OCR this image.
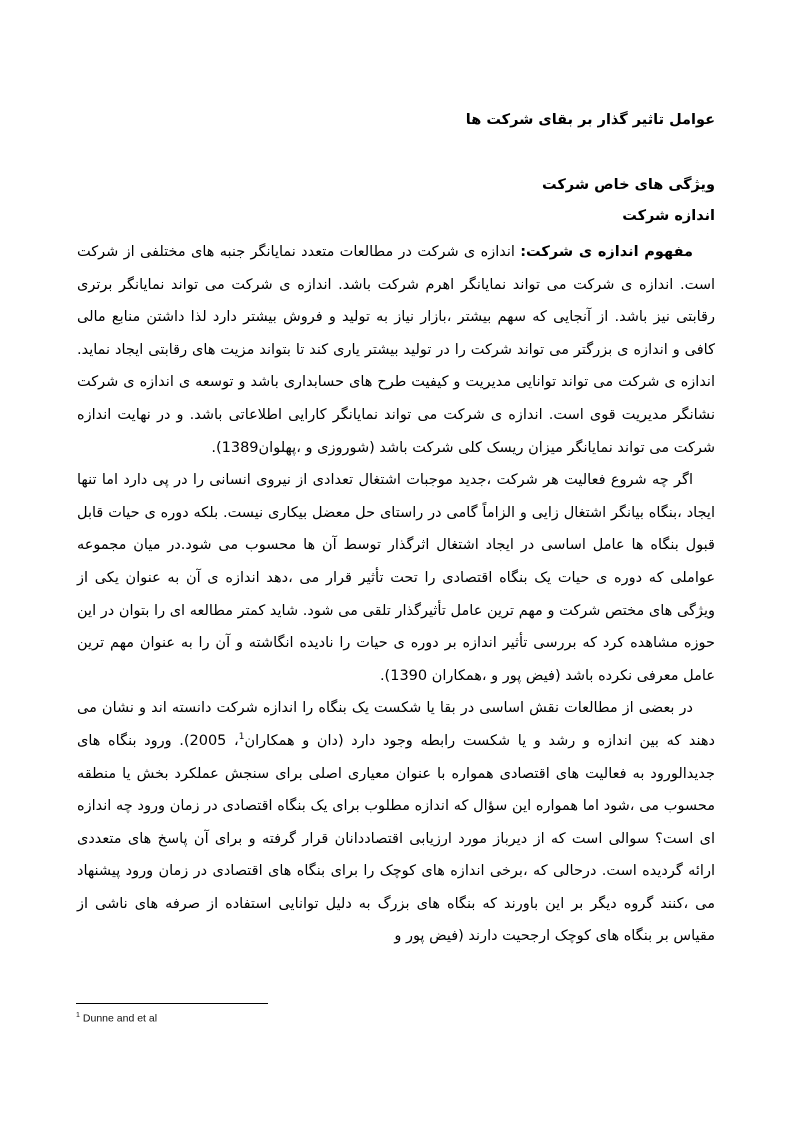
عوامل تاثیر گذار بر بقای شرکت ها
ویژگی های خاص شرکت
اندازه شرکت

مفهوم اندازه ی شرکت: اندازه ی شرکت در مطالعات متعدد نمایانگر جنبه های مختلفی از شرکت است. اندازه ی شرکت می تواند نمایانگر اهرم شرکت باشد. اندازه ی شرکت می تواند نمایانگر برتری رقابتی نیز باشد. از آنجایی که سهم بیشتر ،بازار نیاز به تولید و فروش بیشتر دارد لذا داشتن منابع مالی کافی و اندازه ی بزرگتر می تواند شرکت را در تولید بیشتر یاری کند تا بتواند مزیت های رقابتی ایجاد نماید. اندازه ی شرکت می تواند توانایی مدیریت و کیفیت طرح های حسابداری باشد و توسعه ی اندازه ی شرکت نشانگر مدیریت قوی است. اندازه ی شرکت می تواند نمایانگر کارایی اطلاعاتی باشد. و در نهایت اندازه شرکت می تواند نمایانگر میزان ریسک کلی شرکت باشد (شوروزی و ،پهلوان1389).

اگر چه شروع فعالیت هر شرکت ،جدید موجبات اشتغال تعدادی از نیروی انسانی را در پی دارد اما تنها ایجاد ،بنگاه بیانگر اشتغال زایی و الزاماً گامی در راستای حل معضل بیکاری نیست. بلکه دوره ی حیات قابل قبول بنگاه ها عامل اساسی در ایجاد اشتغال اثرگذار توسط آن ها محسوب می شود.در میان مجموعه عواملی که دوره ی حیات یک بنگاه اقتصادی را تحت تأثیر قرار می ،دهد اندازه ی آن به عنوان یکی از ویژگی های مختص شرکت و مهم ترین عامل تأثیرگذار تلقی می شود. شاید کمتر مطالعه ای را بتوان در این حوزه مشاهده کرد که بررسی تأثیر اندازه بر دوره ی حیات را نادیده انگاشته و آن را به عنوان مهم ترین عامل معرفی نکرده باشد (فیض پور و ،همکاران 1390).

در بعضی از مطالعات نقش اساسی در بقا یا شکست یک بنگاه را اندازه شرکت دانسته اند و نشان می دهند که بین اندازه و رشد و یا شکست رابطه وجود دارد (دان و همکاران$^1$، 2005). ورود بنگاه های جدیدالورود به فعالیت های اقتصادی همواره با عنوان معیاری اصلی برای سنجش عملکرد بخش یا منطقه محسوب می ،شود اما همواره این سؤال که اندازه مطلوب برای یک بنگاه اقتصادی در زمان ورود چه اندازه ای است؟ سوالی است که از دیرباز مورد ارزیابی اقتصاددانان قرار گرفته و برای آن پاسخ های متعددی ارائه گردیده است. درحالی که ،برخی اندازه های کوچک را برای بنگاه های اقتصادی در زمان ورود پیشنهاد می ،کنند گروه دیگر بر این باورند که بنگاه های بزرگ به دلیل توانایی استفاده از صرفه های ناشی از مقیاس بر بنگاه های کوچک ارجحیت دارند (فیض پور و

$^1$ Dunne and et al
